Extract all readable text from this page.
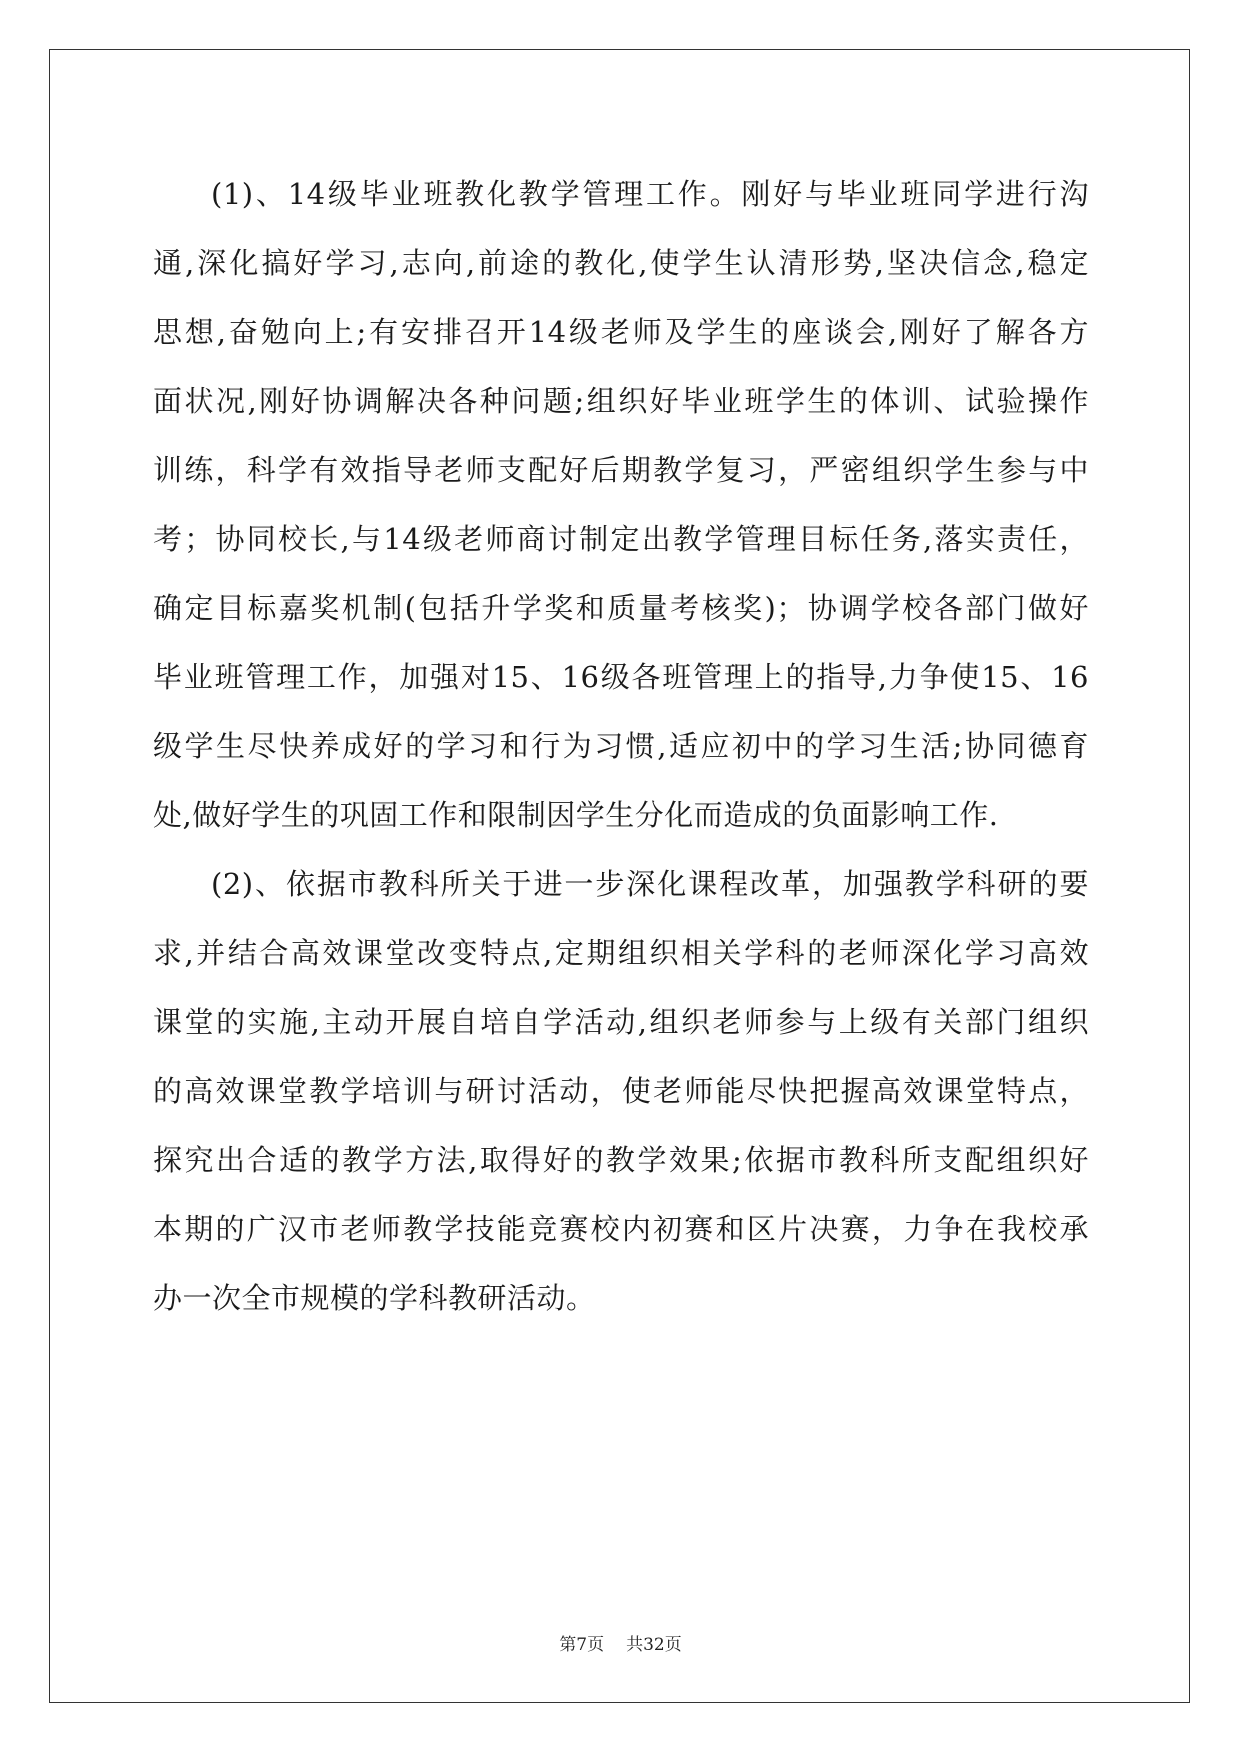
(1)、14级毕业班教化教学管理工作。刚好与毕业班同学进行沟
通,深化搞好学习,志向,前途的教化,使学生认清形势,坚决信念,稳定
思想,奋勉向上;有安排召开14级老师及学生的座谈会,刚好了解各方
面状况,刚好协调解决各种问题;组织好毕业班学生的体训、试验操作
训练，科学有效指导老师支配好后期教学复习，严密组织学生参与中
考；协同校长,与14级老师商讨制定出教学管理目标任务,落实责任，
确定目标嘉奖机制(包括升学奖和质量考核奖)；协调学校各部门做好
毕业班管理工作，加强对15、16级各班管理上的指导,力争使15、16
级学生尽快养成好的学习和行为习惯,适应初中的学习生活;协同德育
处,做好学生的巩固工作和限制因学生分化而造成的负面影响工作.
(2)、依据市教科所关于进一步深化课程改革，加强教学科研的要
求,并结合高效课堂改变特点,定期组织相关学科的老师深化学习高效
课堂的实施,主动开展自培自学活动,组织老师参与上级有关部门组织
的高效课堂教学培训与研讨活动，使老师能尽快把握高效课堂特点，
探究出合适的教学方法,取得好的教学效果;依据市教科所支配组织好
本期的广汉市老师教学技能竞赛校内初赛和区片决赛，力争在我校承
办一次全市规模的学科教研活动。
第7页 共32页
